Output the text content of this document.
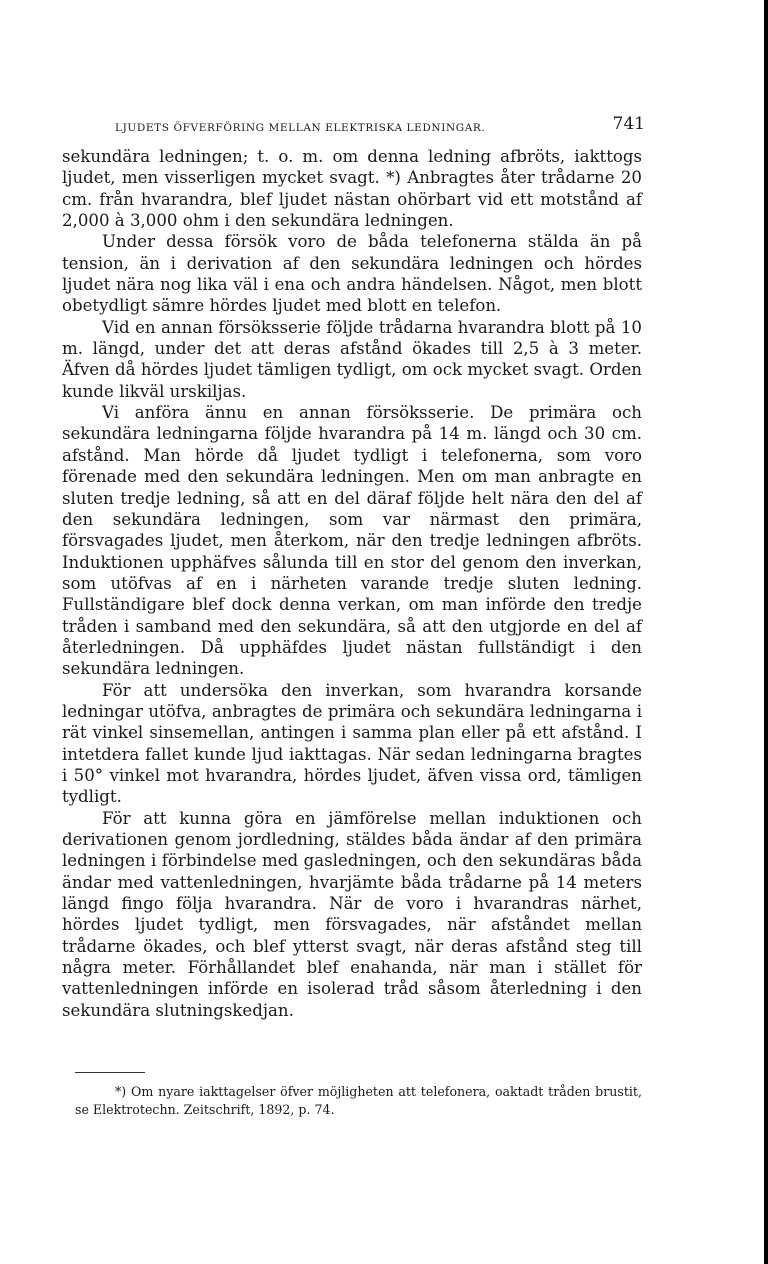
LJUDETS ÖFVERFÖRING MELLAN ELEKTRISKA LEDNINGAR.	741

sekundära ledningen; t. o. m. om denna ledning afbröts, iakttogs ljudet, men visserligen mycket svagt. *) Anbragtes åter trådarne 20 cm. från hvarandra, blef ljudet nästan ohörbart vid ett motstånd af 2,000 à 3,000 ohm i den sekundära ledningen.

Under dessa försök voro de båda telefonerna stälda än på tension, än i derivation af den sekundära ledningen och hördes ljudet nära nog lika väl i ena och andra händelsen. Något, men blott obetydligt sämre hördes ljudet med blott en telefon.

Vid en annan försöksserie följde trådarna hvarandra blott på 10 m. längd, under det att deras afstånd ökades till 2,5 à 3 meter. Äfven då hördes ljudet tämligen tydligt, om ock mycket svagt. Orden kunde likväl urskiljas.

Vi anföra ännu en annan försöksserie. De primära och sekundära ledningarna följde hvarandra på 14 m. längd och 30 cm. afstånd. Man hörde då ljudet tydligt i telefonerna, som voro förenade med den sekundära ledningen. Men om man anbragte en sluten tredje ledning, så att en del däraf följde helt nära den del af den sekundära ledningen, som var närmast den primära, försvagades ljudet, men återkom, när den tredje ledningen afbröts. Induktionen upphäfves sålunda till en stor del genom den inverkan, som utöfvas af en i närheten varande tredje sluten ledning. Fullständigare blef dock denna verkan, om man införde den tredje tråden i samband med den sekundära, så att den utgjorde en del af återledningen. Då upphäfdes ljudet nästan fullständigt i den sekundära ledningen.

För att undersöka den inverkan, som hvarandra korsande ledningar utöfva, anbragtes de primära och sekundära ledningarna i rät vinkel sinsemellan, antingen i samma plan eller på ett afstånd. I intetdera fallet kunde ljud iakttagas. När sedan ledningarna bragtes i 50° vinkel mot hvarandra, hördes ljudet, äfven vissa ord, tämligen tydligt.

För att kunna göra en jämförelse mellan induktionen och derivationen genom jordledning, stäldes båda ändar af den primära ledningen i förbindelse med gasledningen, och den sekundäras båda ändar med vattenledningen, hvarjämte båda trådarne på 14 meters längd fingo följa hvarandra. När de voro i hvarandras närhet, hördes ljudet tydligt, men försvagades, när afståndet mellan trådarne ökades, och blef ytterst svagt, när deras afstånd steg till några meter. Förhållandet blef enahanda, när man i stället för vattenledningen införde en isolerad tråd såsom återledning i den sekundära slutningskedjan.

*) Om nyare iakttagelser öfver möjligheten att telefonera, oaktadt tråden brustit, se Elektrotechn. Zeitschrift, 1892, p. 74.
